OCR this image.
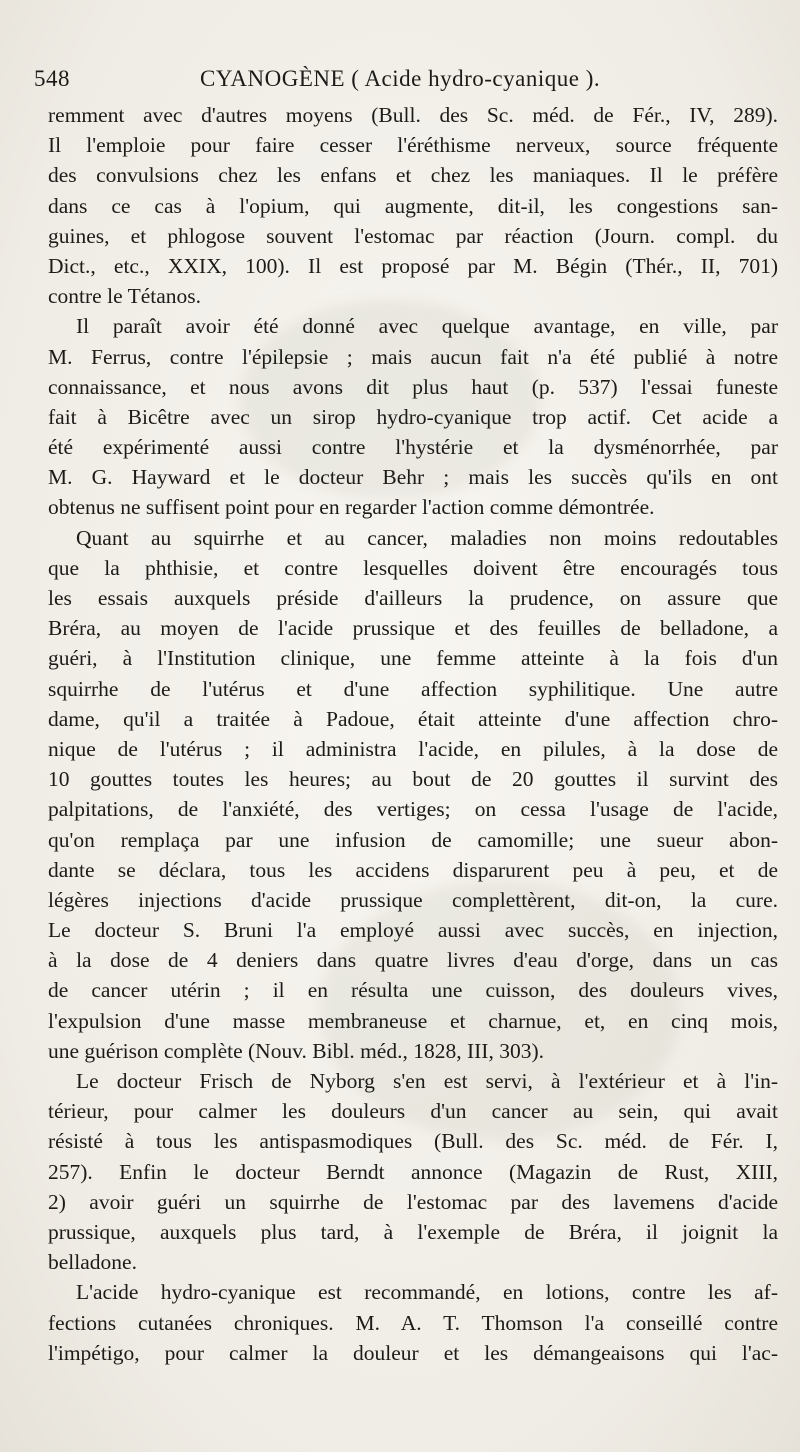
548	CYANOGÈNE ( Acide hydro-cyanique ).
remment avec d'autres moyens (Bull. des Sc. méd. de Fér., IV, 289).
Il l'emploie pour faire cesser l'éréthisme nerveux, source fréquente
des convulsions chez les enfans et chez les maniaques. Il le préfère
dans ce cas à l'opium, qui augmente, dit-il, les congestions san-
guines, et phlogose souvent l'estomac par réaction (Journ. compl. du
Dict., etc., XXIX, 100). Il est proposé par M. Bégin (Thér., II, 701)
contre le Tétanos.
Il paraît avoir été donné avec quelque avantage, en ville, par
M. Ferrus, contre l'épilepsie ; mais aucun fait n'a été publié à notre
connaissance, et nous avons dit plus haut (p. 537) l'essai funeste
fait à Bicêtre avec un sirop hydro-cyanique trop actif. Cet acide a
été expérimenté aussi contre l'hystérie et la dysménorrhée, par
M. G. Hayward et le docteur Behr ; mais les succès qu'ils en ont
obtenus ne suffisent point pour en regarder l'action comme démontrée.
Quant au squirrhe et au cancer, maladies non moins redoutables
que la phthisie, et contre lesquelles doivent être encouragés tous
les essais auxquels préside d'ailleurs la prudence, on assure que
Bréra, au moyen de l'acide prussique et des feuilles de belladone, a
guéri, à l'Institution clinique, une femme atteinte à la fois d'un
squirrhe de l'utérus et d'une affection syphilitique. Une autre
dame, qu'il a traitée à Padoue, était atteinte d'une affection chro-
nique de l'utérus ; il administra l'acide, en pilules, à la dose de
10 gouttes toutes les heures; au bout de 20 gouttes il survint des
palpitations, de l'anxiété, des vertiges; on cessa l'usage de l'acide,
qu'on remplaça par une infusion de camomille; une sueur abon-
dante se déclara, tous les accidens disparurent peu à peu, et de
légères injections d'acide prussique complettèrent, dit-on, la cure.
Le docteur S. Bruni l'a employé aussi avec succès, en injection,
à la dose de 4 deniers dans quatre livres d'eau d'orge, dans un cas
de cancer utérin ; il en résulta une cuisson, des douleurs vives,
l'expulsion d'une masse membraneuse et charnue, et, en cinq mois,
une guérison complète (Nouv. Bibl. méd., 1828, III, 303).
Le docteur Frisch de Nyborg s'en est servi, à l'extérieur et à l'in-
térieur, pour calmer les douleurs d'un cancer au sein, qui avait
résisté à tous les antispasmodiques (Bull. des Sc. méd. de Fér. I,
257). Enfin le docteur Berndt annonce (Magazin de Rust, XIII,
2) avoir guéri un squirrhe de l'estomac par des lavemens d'acide
prussique, auxquels plus tard, à l'exemple de Bréra, il joignit la
belladone.
L'acide hydro-cyanique est recommandé, en lotions, contre les af-
fections cutanées chroniques. M. A. T. Thomson l'a conseillé contre
l'impétigo, pour calmer la douleur et les démangeaisons qui l'ac-
